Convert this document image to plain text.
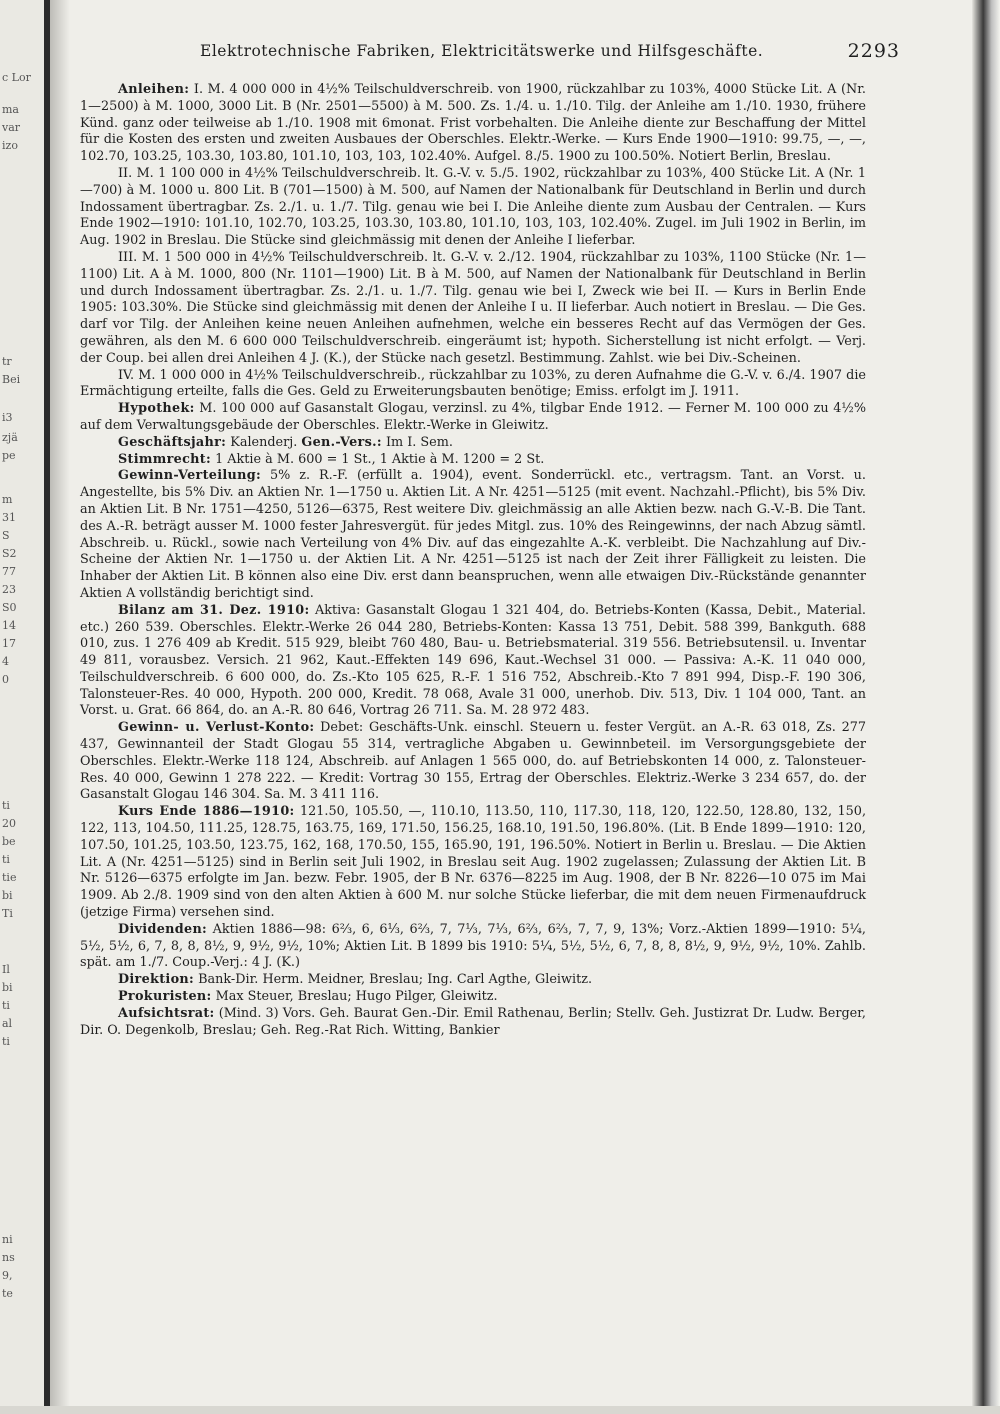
c Lor
ma
var
izo
tr
Bei
i3
zjä
pe
m
31
S
S2
77
23
S0
14
17
4
0
ti
20
be
ti
tie
bi
Ti
Il
bi
ti
al
ti
ni
ns
9,
te
Elektrotechnische Fabriken, Elektricitätswerke und Hilfsgeschäfte.	2293

Anleihen: I. M. 4 000 000 in 4½% Teilschuldverschreib. von 1900, rückzahlbar zu 103%, 4000 Stücke Lit. A (Nr. 1—2500) à M. 1000, 3000 Lit. B (Nr. 2501—5500) à M. 500. Zs. 1./4. u. 1./10. Tilg. der Anleihe am 1./10. 1930, frühere Künd. ganz oder teilweise ab 1./10. 1908 mit 6monat. Frist vorbehalten. Die Anleihe diente zur Beschaffung der Mittel für die Kosten des ersten und zweiten Ausbaues der Oberschles. Elektr.-Werke. — Kurs Ende 1900—1910: 99.75, —, —, 102.70, 103.25, 103.30, 103.80, 101.10, 103, 103, 102.40%. Aufgel. 8./5. 1900 zu 100.50%. Notiert Berlin, Breslau.

II. M. 1 100 000 in 4½% Teilschuldverschreib. lt. G.-V. v. 5./5. 1902, rückzahlbar zu 103%, 400 Stücke Lit. A (Nr. 1—700) à M. 1000 u. 800 Lit. B (701—1500) à M. 500, auf Namen der Nationalbank für Deutschland in Berlin und durch Indossament übertragbar. Zs. 2./1. u. 1./7. Tilg. genau wie bei I. Die Anleihe diente zum Ausbau der Centralen. — Kurs Ende 1902—1910: 101.10, 102.70, 103.25, 103.30, 103.80, 101.10, 103, 103, 102.40%. Zugel. im Juli 1902 in Berlin, im Aug. 1902 in Breslau. Die Stücke sind gleichmässig mit denen der Anleihe I lieferbar.

III. M. 1 500 000 in 4½% Teilschuldverschreib. lt. G.-V. v. 2./12. 1904, rückzahlbar zu 103%, 1100 Stücke (Nr. 1—1100) Lit. A à M. 1000, 800 (Nr. 1101—1900) Lit. B à M. 500, auf Namen der Nationalbank für Deutschland in Berlin und durch Indossament übertragbar. Zs. 2./1. u. 1./7. Tilg. genau wie bei I, Zweck wie bei II. — Kurs in Berlin Ende 1905: 103.30%. Die Stücke sind gleichmässig mit denen der Anleihe I u. II lieferbar. Auch notiert in Breslau. — Die Ges. darf vor Tilg. der Anleihen keine neuen Anleihen aufnehmen, welche ein besseres Recht auf das Vermögen der Ges. gewähren, als den M. 6 600 000 Teilschuldverschreib. eingeräumt ist; hypoth. Sicherstellung ist nicht erfolgt. — Verj. der Coup. bei allen drei Anleihen 4 J. (K.), der Stücke nach gesetzl. Bestimmung. Zahlst. wie bei Div.-Scheinen.

IV. M. 1 000 000 in 4½% Teilschuldverschreib., rückzahlbar zu 103%, zu deren Aufnahme die G.-V. v. 6./4. 1907 die Ermächtigung erteilte, falls die Ges. Geld zu Erweiterungsbauten benötige; Emiss. erfolgt im J. 1911.

Hypothek: M. 100 000 auf Gasanstalt Glogau, verzinsl. zu 4%, tilgbar Ende 1912. — Ferner M. 100 000 zu 4½% auf dem Verwaltungsgebäude der Oberschles. Elektr.-Werke in Gleiwitz.

Geschäftsjahr: Kalenderj. Gen.-Vers.: Im I. Sem.

Stimmrecht: 1 Aktie à M. 600 = 1 St., 1 Aktie à M. 1200 = 2 St.

Gewinn-Verteilung: 5% z. R.-F. (erfüllt a. 1904), event. Sonderrückl. etc., vertragsm. Tant. an Vorst. u. Angestellte, bis 5% Div. an Aktien Nr. 1—1750 u. Aktien Lit. A Nr. 4251—5125 (mit event. Nachzahl.-Pflicht), bis 5% Div. an Aktien Lit. B Nr. 1751—4250, 5126—6375, Rest weitere Div. gleichmässig an alle Aktien bezw. nach G.-V.-B. Die Tant. des A.-R. beträgt ausser M. 1000 fester Jahresvergüt. für jedes Mitgl. zus. 10% des Reingewinns, der nach Abzug sämtl. Abschreib. u. Rückl., sowie nach Verteilung von 4% Div. auf das eingezahlte A.-K. verbleibt. Die Nachzahlung auf Div.-Scheine der Aktien Nr. 1—1750 u. der Aktien Lit. A Nr. 4251—5125 ist nach der Zeit ihrer Fälligkeit zu leisten. Die Inhaber der Aktien Lit. B können also eine Div. erst dann beanspruchen, wenn alle etwaigen Div.-Rückstände genannter Aktien A vollständig berichtigt sind.

Bilanz am 31. Dez. 1910: Aktiva: Gasanstalt Glogau 1 321 404, do. Betriebs-Konten (Kassa, Debit., Material. etc.) 260 539. Oberschles. Elektr.-Werke 26 044 280, Betriebs-Konten: Kassa 13 751, Debit. 588 399, Bankguth. 688 010, zus. 1 276 409 ab Kredit. 515 929, bleibt 760 480, Bau- u. Betriebsmaterial. 319 556. Betriebsutensil. u. Inventar 49 811, vorausbez. Versich. 21 962, Kaut.-Effekten 149 696, Kaut.-Wechsel 31 000. — Passiva: A.-K. 11 040 000, Teilschuldverschreib. 6 600 000, do. Zs.-Kto 105 625, R.-F. 1 516 752, Abschreib.-Kto 7 891 994, Disp.-F. 190 306, Talonsteuer-Res. 40 000, Hypoth. 200 000, Kredit. 78 068, Avale 31 000, unerhob. Div. 513, Div. 1 104 000, Tant. an Vorst. u. Grat. 66 864, do. an A.-R. 80 646, Vortrag 26 711. Sa. M. 28 972 483.

Gewinn- u. Verlust-Konto: Debet: Geschäfts-Unk. einschl. Steuern u. fester Vergüt. an A.-R. 63 018, Zs. 277 437, Gewinnanteil der Stadt Glogau 55 314, vertragliche Abgaben u. Gewinnbeteil. im Versorgungsgebiete der Oberschles. Elektr.-Werke 118 124, Abschreib. auf Anlagen 1 565 000, do. auf Betriebskonten 14 000, z. Talonsteuer-Res. 40 000, Gewinn 1 278 222. — Kredit: Vortrag 30 155, Ertrag der Oberschles. Elektriz.-Werke 3 234 657, do. der Gasanstalt Glogau 146 304. Sa. M. 3 411 116.

Kurs Ende 1886—1910: 121.50, 105.50, —, 110.10, 113.50, 110, 117.30, 118, 120, 122.50, 128.80, 132, 150, 122, 113, 104.50, 111.25, 128.75, 163.75, 169, 171.50, 156.25, 168.10, 191.50, 196.80%. (Lit. B Ende 1899—1910: 120, 107.50, 101.25, 103.50, 123.75, 162, 168, 170.50, 155, 165.90, 191, 196.50%. Notiert in Berlin u. Breslau. — Die Aktien Lit. A (Nr. 4251—5125) sind in Berlin seit Juli 1902, in Breslau seit Aug. 1902 zugelassen; Zulassung der Aktien Lit. B Nr. 5126—6375 erfolgte im Jan. bezw. Febr. 1905, der B Nr. 6376—8225 im Aug. 1908, der B Nr. 8226—10 075 im Mai 1909. Ab 2./8. 1909 sind von den alten Aktien à 600 M. nur solche Stücke lieferbar, die mit dem neuen Firmenaufdruck (jetzige Firma) versehen sind.

Dividenden: Aktien 1886—98: 6⅔, 6, 6⅓, 6⅔, 7, 7⅓, 7⅓, 6⅔, 6⅔, 7, 7, 9, 13%; Vorz.-Aktien 1899—1910: 5¼, 5½, 5½, 6, 7, 8, 8, 8½, 9, 9½, 9½, 10%; Aktien Lit. B 1899 bis 1910: 5¼, 5½, 5½, 6, 7, 8, 8, 8½, 9, 9½, 9½, 10%. Zahlb. spät. am 1./7. Coup.-Verj.: 4 J. (K.)

Direktion: Bank-Dir. Herm. Meidner, Breslau; Ing. Carl Agthe, Gleiwitz.

Prokuristen: Max Steuer, Breslau; Hugo Pilger, Gleiwitz.

Aufsichtsrat: (Mind. 3) Vors. Geh. Baurat Gen.-Dir. Emil Rathenau, Berlin; Stellv. Geh. Justizrat Dr. Ludw. Berger, Dir. O. Degenkolb, Breslau; Geh. Reg.-Rat Rich. Witting, Bankier
